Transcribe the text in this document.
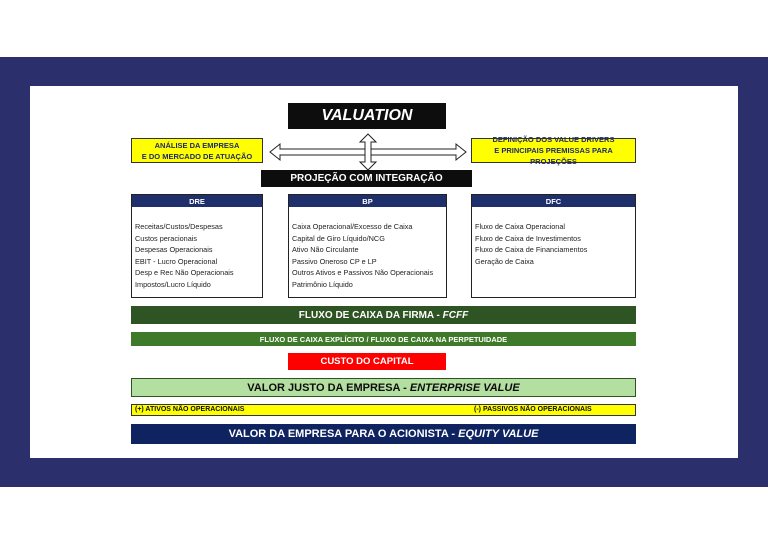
VALUATION
ANÁLISE DA EMPRESA
E DO MERCADO DE ATUAÇÃO
DEFINIÇÃO DOS VALUE DRIVERS
E PRINCIPAIS PREMISSAS PARA PROJEÇÕES
PROJEÇÃO COM INTEGRAÇÃO
DRE
Receitas/Custos/Despesas
Custos peracionais
Despesas Operacionais
EBIT - Lucro Operacional
Desp e Rec Não Operacionais
Impostos/Lucro Líquido
BP
Caixa Operacional/Excesso de Caixa
Capital de Giro Líquido/NCG
Ativo Não Circulante
Passivo Oneroso CP e LP
Outros Ativos e Passivos Não Operacionais
Patrimônio Líquido
DFC
Fluxo de Caixa Operacional
Fluxo de Caixa de Investimentos
Fluxo de Caixa de Financiamentos
Geração de Caixa
FLUXO DE CAIXA DA FIRMA - FCFF
FLUXO DE CAIXA EXPLÍCITO / FLUXO DE CAIXA NA PERPETUIDADE
CUSTO DO CAPITAL
VALOR JUSTO DA EMPRESA - ENTERPRISE VALUE
(+) ATIVOS NÃO OPERACIONAIS	(-) PASSIVOS NÃO OPERACIONAIS
VALOR DA EMPRESA PARA O ACIONISTA - EQUITY VALUE
